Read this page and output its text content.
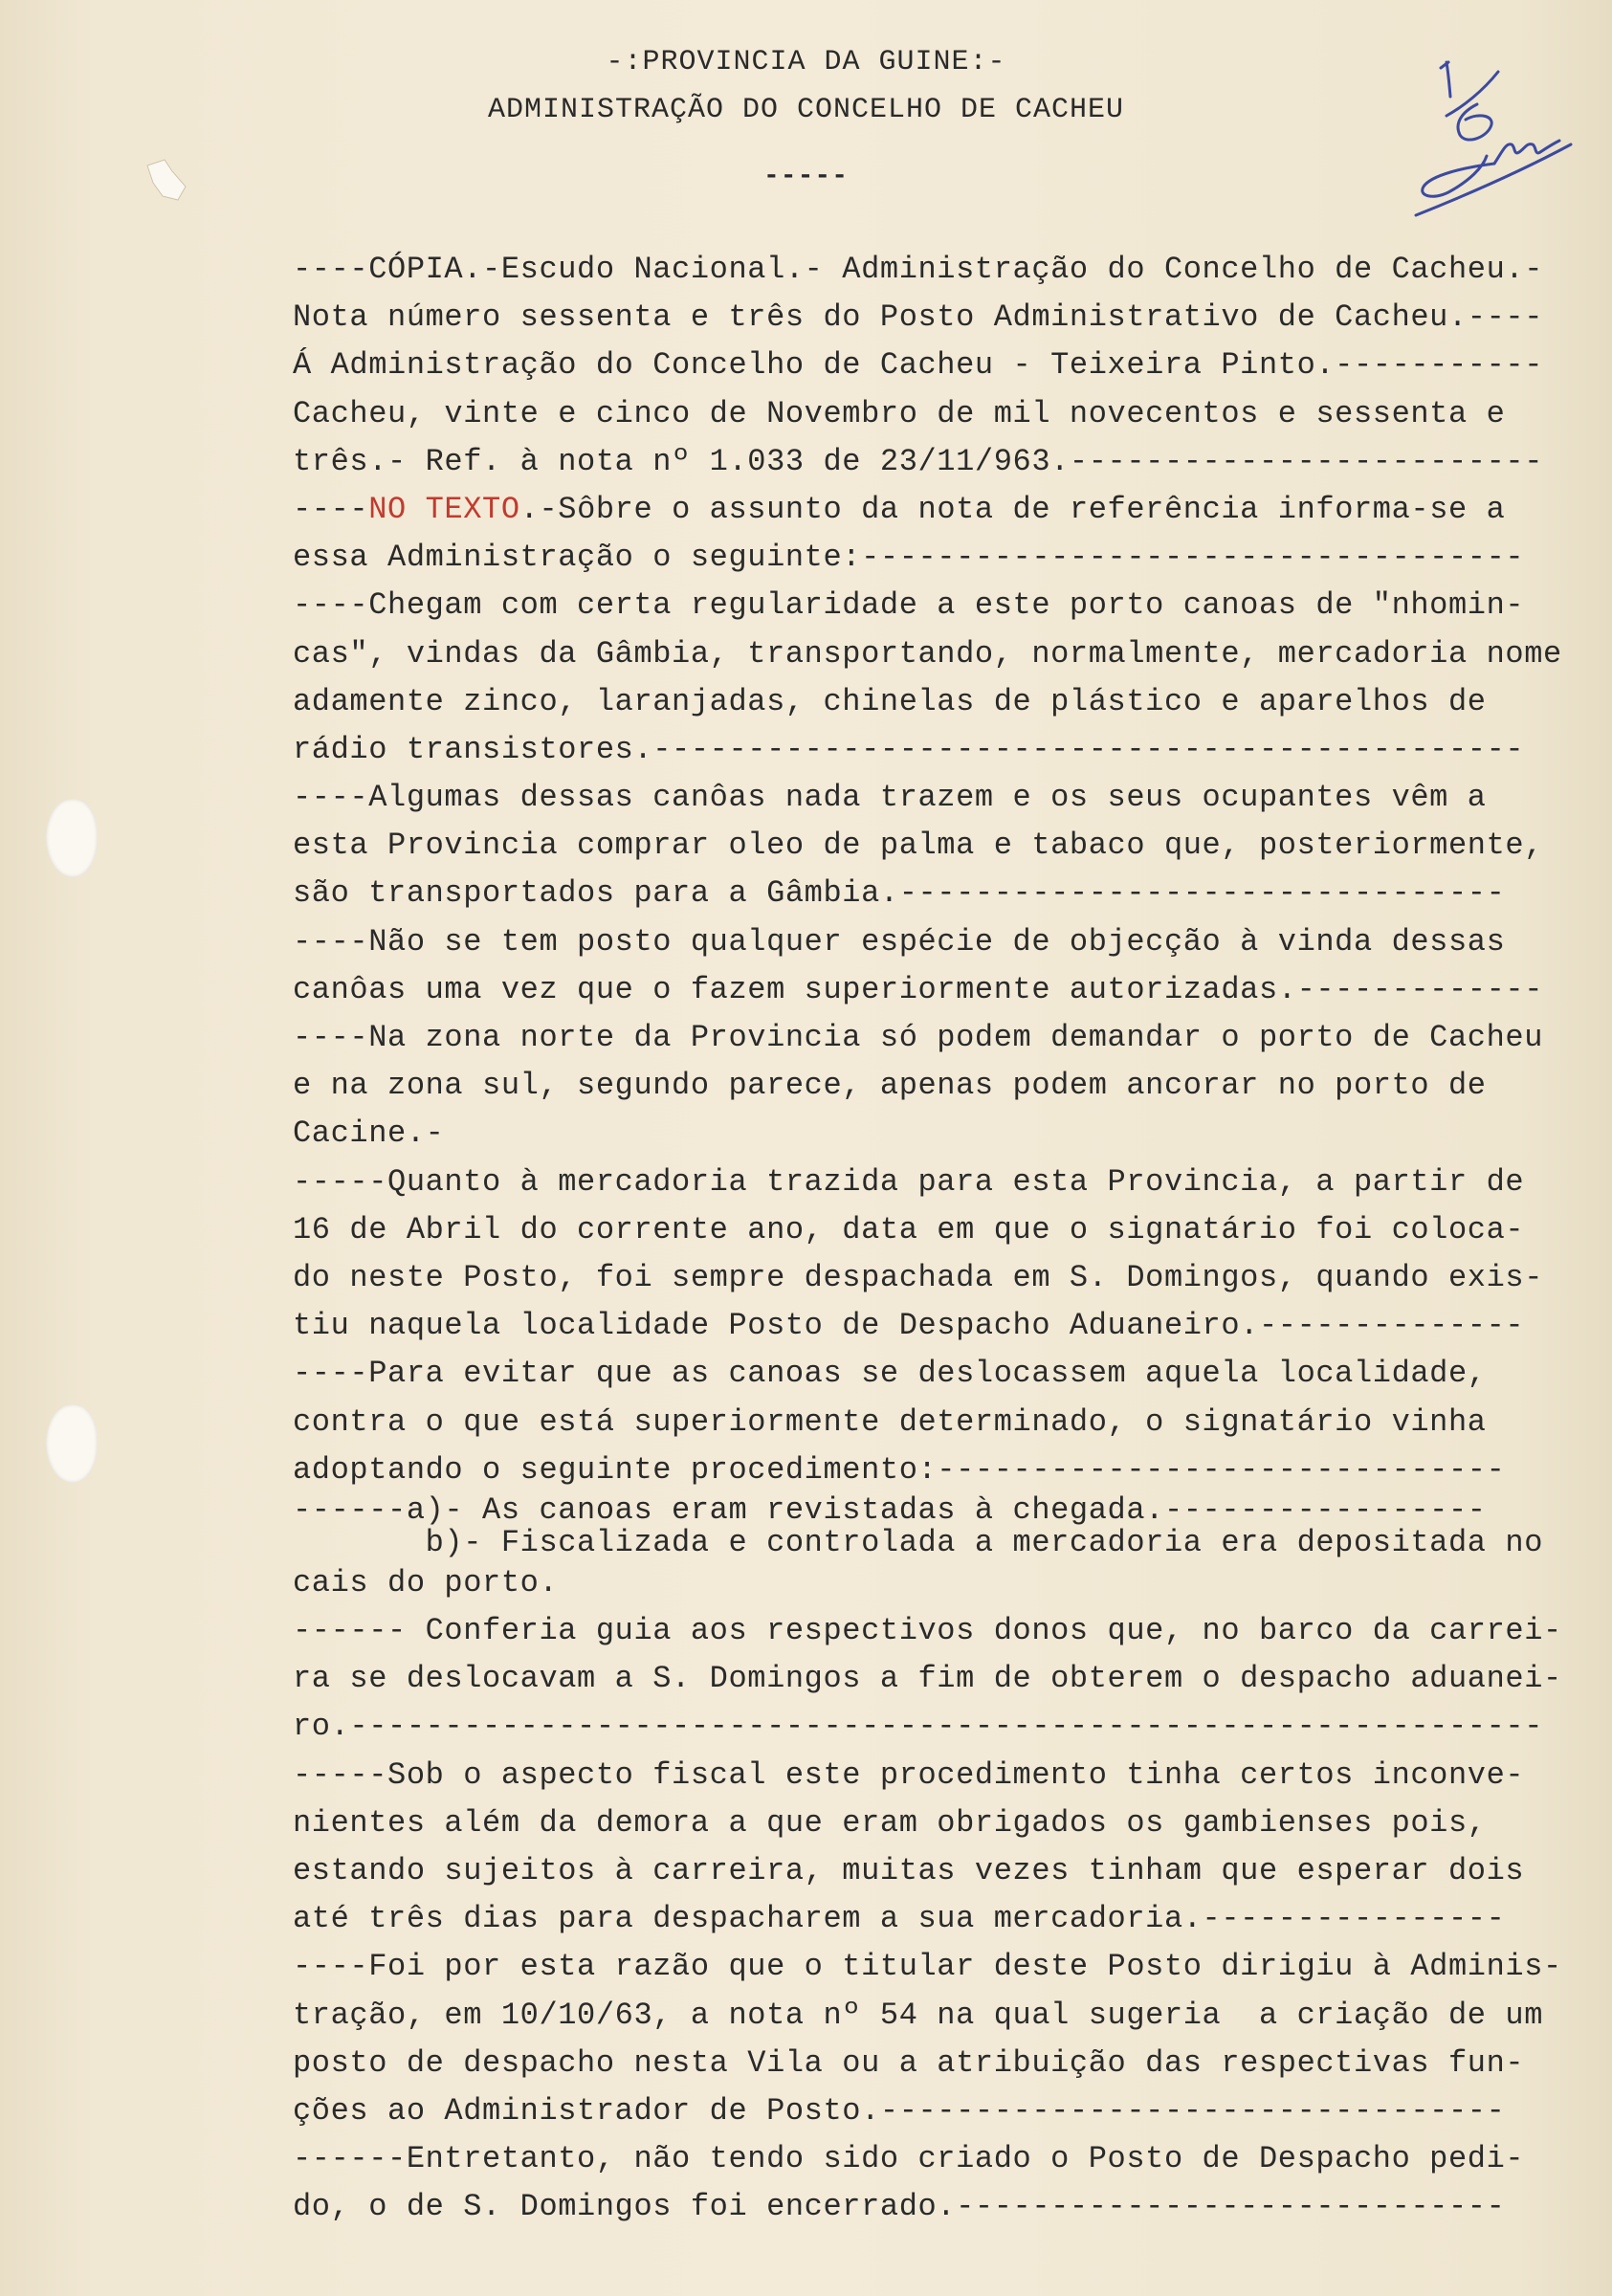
-:PROVINCIA DA GUINE:-
ADMINISTRAÇÃO DO CONCELHO DE CACHEU
-----
----CÓPIA.-Escudo Nacional.- Administração do Concelho de Cacheu.-
Nota número sessenta e três do Posto Administrativo de Cacheu.----
Á Administração do Concelho de Cacheu - Teixeira Pinto.-----------
Cacheu, vinte e cinco de Novembro de mil novecentos e sessenta e
três.- Ref. à nota nº 1.033 de 23/11/963.-------------------------
----NO TEXTO.-Sôbre o assunto da nota de referência informa-se a
essa Administração o seguinte:-----------------------------------
----Chegam com certa regularidade a este porto canoas de "nhomin-
cas", vindas da Gâmbia, transportando, normalmente, mercadoria nome
adamente zinco, laranjadas, chinelas de plástico e aparelhos de
rádio transistores.----------------------------------------------
----Algumas dessas canôas nada trazem e os seus ocupantes vêm a
esta Provincia comprar oleo de palma e tabaco que, posteriormente,
são transportados para a Gâmbia.--------------------------------
----Não se tem posto qualquer espécie de objecção à vinda dessas
canôas uma vez que o fazem superiormente autorizadas.-------------
----Na zona norte da Provincia só podem demandar o porto de Cacheu
e na zona sul, segundo parece, apenas podem ancorar no porto de
Cacine.-
-----Quanto à mercadoria trazida para esta Provincia, a partir de
16 de Abril do corrente ano, data em que o signatário foi coloca-
do neste Posto, foi sempre despachada em S. Domingos, quando exis-
tiu naquela localidade Posto de Despacho Aduaneiro.--------------
----Para evitar que as canoas se deslocassem aquela localidade,
contra o que está superiormente determinado, o signatário vinha
adoptando o seguinte procedimento:------------------------------
------a)- As canoas eram revistadas à chegada.-----------------
b)- Fiscalizada e controlada a mercadoria era depositada no
cais do porto.
------ Conferia guia aos respectivos donos que, no barco da carrei-
ra se deslocavam a S. Domingos a fim de obterem o despacho aduanei-
ro.---------------------------------------------------------------
-----Sob o aspecto fiscal este procedimento tinha certos inconve-
nientes além da demora a que eram obrigados os gambienses pois,
estando sujeitos à carreira, muitas vezes tinham que esperar dois
até três dias para despacharem a sua mercadoria.----------------
----Foi por esta razão que o titular deste Posto dirigiu à Adminis-
tração, em 10/10/63, a nota nº 54 na qual sugeria  a criação de um
posto de despacho nesta Vila ou a atribuição das respectivas fun-
ções ao Administrador de Posto.---------------------------------
------Entretanto, não tendo sido criado o Posto de Despacho pedi-
do, o de S. Domingos foi encerrado.-----------------------------
